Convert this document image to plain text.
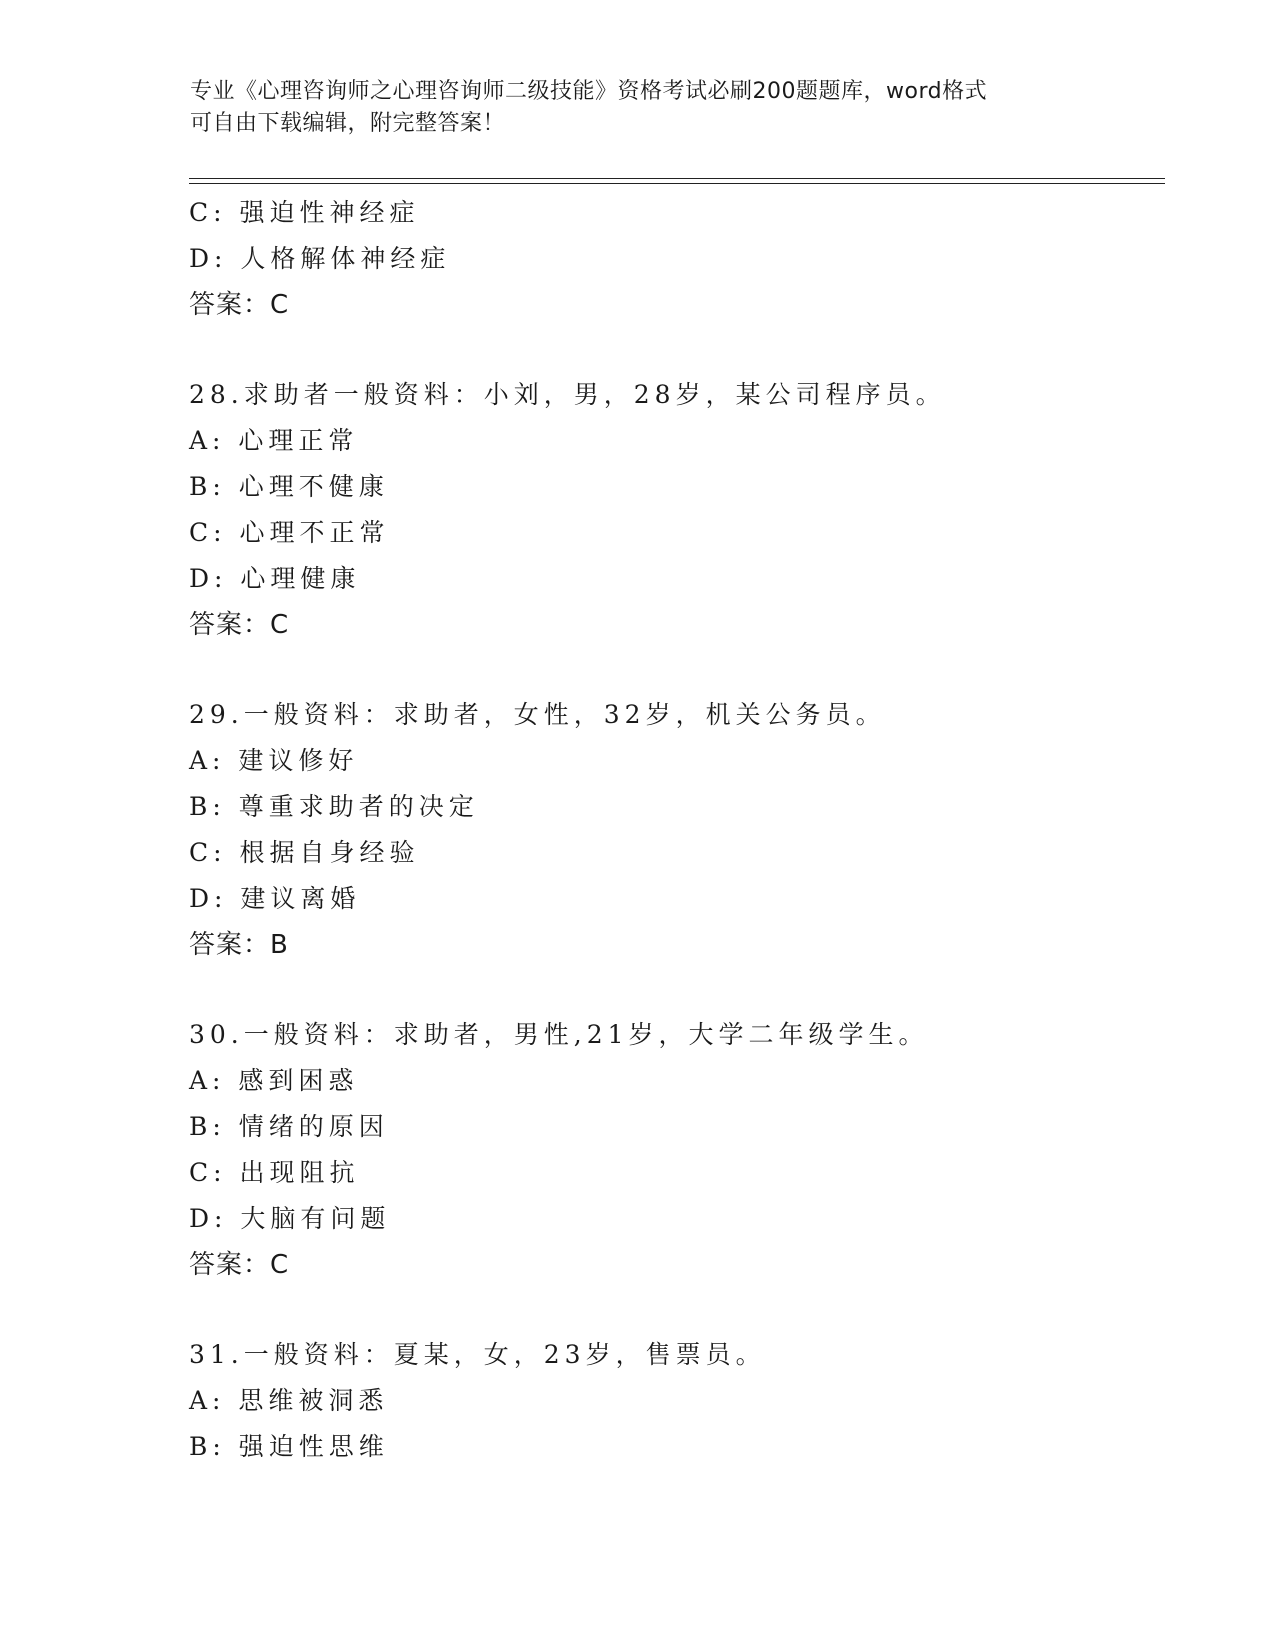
专业《心理咨询师之心理咨询师二级技能》资格考试必刷200题题库，word格式
可自由下载编辑，附完整答案！
C: 强迫性神经症
D: 人格解体神经症
答案：C
28.求助者一般资料：小刘，男，28岁，某公司程序员。
A: 心理正常
B: 心理不健康
C: 心理不正常
D: 心理健康
答案：C
29.一般资料：求助者，女性，32岁，机关公务员。
A: 建议修好
B: 尊重求助者的决定
C: 根据自身经验
D: 建议离婚
答案：B
30.一般资料：求助者，男性,21岁，大学二年级学生。
A: 感到困惑
B: 情绪的原因
C: 出现阻抗
D: 大脑有问题
答案：C
31.一般资料：夏某，女，23岁，售票员。
A: 思维被洞悉
B: 强迫性思维
